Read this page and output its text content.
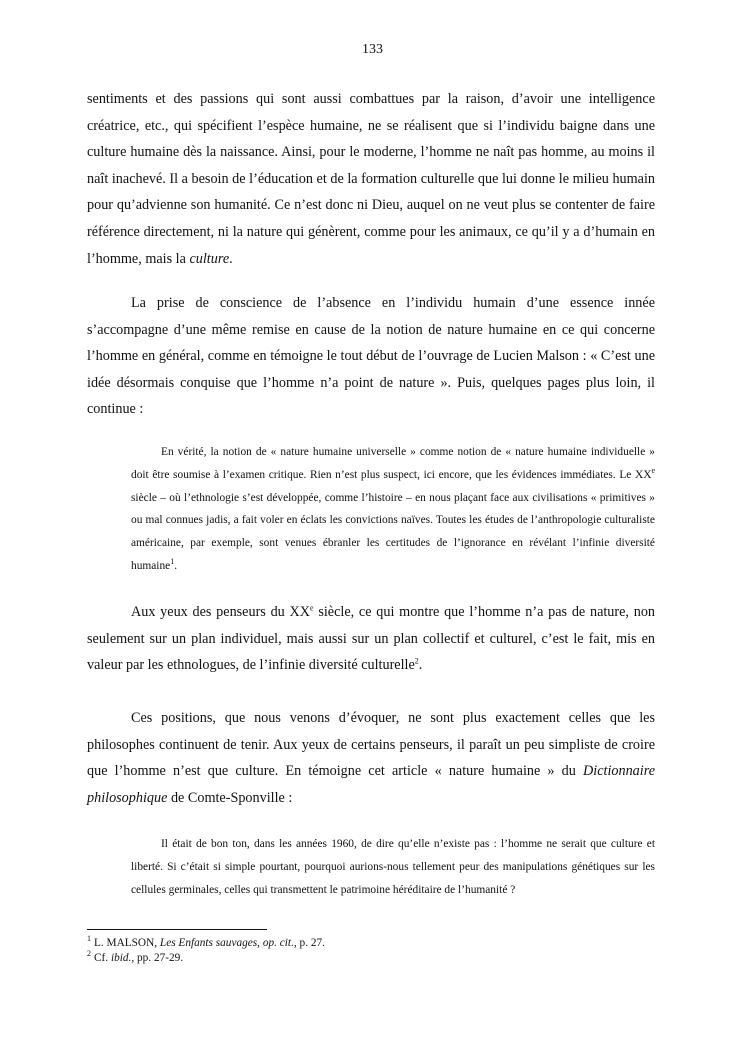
133

sentiments et des passions qui sont aussi combattues par la raison, d’avoir une intelligence créatrice, etc., qui spécifient l’espèce humaine, ne se réalisent que si l’individu baigne dans une culture humaine dès la naissance. Ainsi, pour le moderne, l’homme ne naît pas homme, au moins il naît inachevé. Il a besoin de l’éducation et de la formation culturelle que lui donne le milieu humain pour qu’advienne son humanité. Ce n’est donc ni Dieu, auquel on ne veut plus se contenter de faire référence directement, ni la nature qui génèrent, comme pour les animaux, ce qu’il y a d’humain en l’homme, mais la culture.

La prise de conscience de l’absence en l’individu humain d’une essence innée s’accompagne d’une même remise en cause de la notion de nature humaine en ce qui concerne l’homme en général, comme en témoigne le tout début de l’ouvrage de Lucien Malson : « C’est une idée désormais conquise que l’homme n’a point de nature ». Puis, quelques pages plus loin, il continue :

En vérité, la notion de « nature humaine universelle » comme notion de « nature humaine individuelle » doit être soumise à l’examen critique. Rien n’est plus suspect, ici encore, que les évidences immédiates. Le XXe siècle – où l’ethnologie s’est développée, comme l’histoire – en nous plaçant face aux civilisations « primitives » ou mal connues jadis, a fait voler en éclats les convictions naïves. Toutes les études de l’anthropologie culturaliste américaine, par exemple, sont venues ébranler les certitudes de l’ignorance en révélant l’infinie diversité humaine$^1$.

Aux yeux des penseurs du XXe siècle, ce qui montre que l’homme n’a pas de nature, non seulement sur un plan individuel, mais aussi sur un plan collectif et culturel, c’est le fait, mis en valeur par les ethnologues, de l’infinie diversité culturelle$^2$.

Ces positions, que nous venons d’évoquer, ne sont plus exactement celles que les philosophes continuent de tenir. Aux yeux de certains penseurs, il paraît un peu simpliste de croire que l’homme n’est que culture. En témoigne cet article « nature humaine » du Dictionnaire philosophique de Comte-Sponville :

Il était de bon ton, dans les années 1960, de dire qu’elle n’existe pas : l’homme ne serait que culture et liberté. Si c’était si simple pourtant, pourquoi aurions-nous tellement peur des manipulations génétiques sur les cellules germinales, celles qui transmettent le patrimoine héréditaire de l’humanité ?

$^1$ L. MALSON, Les Enfants sauvages, op. cit., p. 27.
$^2$ Cf. ibid., pp. 27-29.
